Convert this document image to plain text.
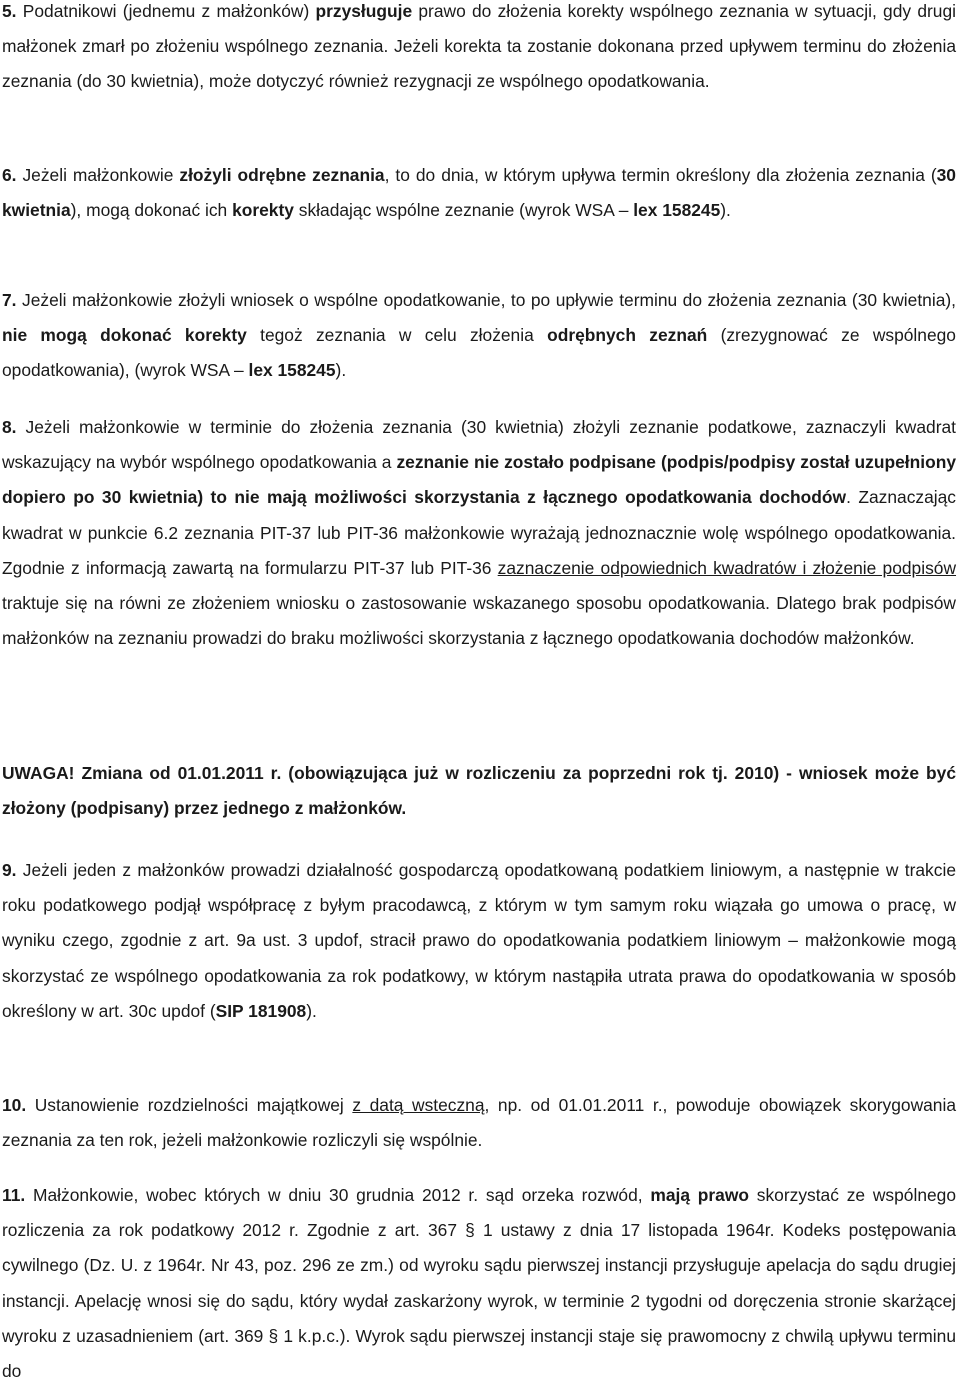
5. Podatnikowi (jednemu z małżonków) przysługuje prawo do złożenia korekty wspólnego zeznania w sytuacji, gdy drugi małżonek zmarł po złożeniu wspólnego zeznania. Jeżeli korekta ta zostanie dokonana przed upływem terminu do złożenia zeznania (do 30 kwietnia), może dotyczyć również rezygnacji ze wspólnego opodatkowania.

6. Jeżeli małżonkowie złożyli odrębne zeznania, to do dnia, w którym upływa termin określony dla złożenia zeznania (30 kwietnia), mogą dokonać ich korekty składając wspólne zeznanie (wyrok WSA – lex 158245).

7. Jeżeli małżonkowie złożyli wniosek o wspólne opodatkowanie, to po upływie terminu do złożenia zeznania (30 kwietnia), nie mogą dokonać korekty tegoż zeznania w celu złożenia odrębnych zeznań (zrezygnować ze wspólnego opodatkowania), (wyrok WSA – lex 158245).

8. Jeżeli małżonkowie w terminie do złożenia zeznania (30 kwietnia) złożyli zeznanie podatkowe, zaznaczyli kwadrat wskazujący na wybór wspólnego opodatkowania a zeznanie nie zostało podpisane (podpis/podpisy został uzupełniony dopiero po 30 kwietnia) to nie mają możliwości skorzystania z łącznego opodatkowania dochodów. Zaznaczając kwadrat w punkcie 6.2 zeznania PIT-37 lub PIT-36 małżonkowie wyrażają jednoznacznie wolę wspólnego opodatkowania. Zgodnie z informacją zawartą na formularzu PIT-37 lub PIT-36 zaznaczenie odpowiednich kwadratów i złożenie podpisów traktuje się na równi ze złożeniem wniosku o zastosowanie wskazanego sposobu opodatkowania. Dlatego brak podpisów małżonków na zeznaniu prowadzi do braku możliwości skorzystania z łącznego opodatkowania dochodów małżonków.

UWAGA! Zmiana od 01.01.2011 r. (obowiązująca już w rozliczeniu za poprzedni rok tj. 2010) - wniosek może być złożony (podpisany) przez jednego z małżonków.

9. Jeżeli jeden z małżonków prowadzi działalność gospodarczą opodatkowaną podatkiem liniowym, a następnie w trakcie roku podatkowego podjął współpracę z byłym pracodawcą, z którym w tym samym roku wiązała go umowa o pracę, w wyniku czego, zgodnie z art. 9a ust. 3 updof, stracił prawo do opodatkowania podatkiem liniowym – małżonkowie mogą skorzystać ze wspólnego opodatkowania za rok podatkowy, w którym nastąpiła utrata prawa do opodatkowania w sposób określony w art. 30c updof (SIP 181908).

10. Ustanowienie rozdzielności majątkowej z datą wsteczną, np. od 01.01.2011 r., powoduje obowiązek skorygowania zeznania za ten rok, jeżeli małżonkowie rozliczyli się wspólnie.

11. Małżonkowie, wobec których w dniu 30 grudnia 2012 r. sąd orzeka rozwód, mają prawo skorzystać ze wspólnego rozliczenia za rok podatkowy 2012 r. Zgodnie z art. 367 § 1 ustawy z dnia 17 listopada 1964r. Kodeks postępowania cywilnego (Dz. U. z 1964r. Nr 43, poz. 296 ze zm.) od wyroku sądu pierwszej instancji przysługuje apelacja do sądu drugiej instancji. Apelację wnosi się do sądu, który wydał zaskarżony wyrok, w terminie 2 tygodni od doręczenia stronie skarżącej wyroku z uzasadnieniem (art. 369 § 1 k.p.c.). Wyrok sądu pierwszej instancji staje się prawomocny z chwilą upływu terminu do
